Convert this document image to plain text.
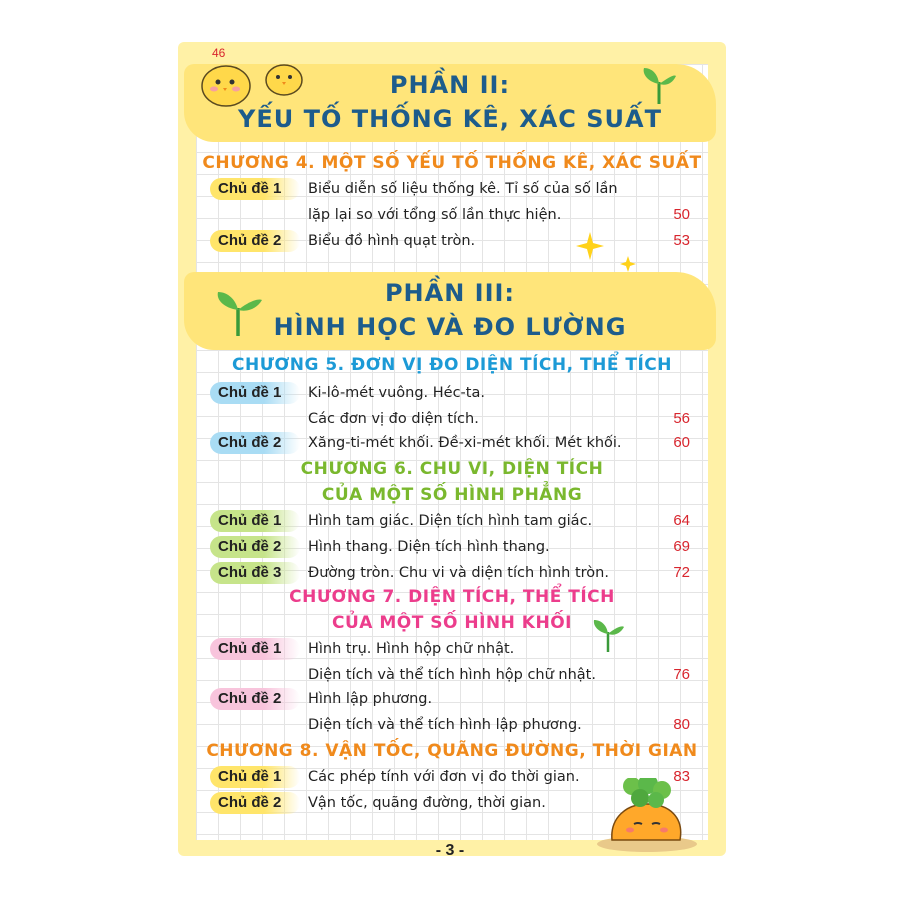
46
PHẦN II:
YẾU TỐ THỐNG KÊ, XÁC SUẤT
CHƯƠNG 4. MỘT SỐ YẾU TỐ THỐNG KÊ, XÁC SUẤT
Chủ đề 1	Biểu diễn số liệu thống kê. Tỉ số của số lần
lặp lại so với tổng số lần thực hiện.	50
Chủ đề 2	Biểu đồ hình quạt tròn.	53
PHẦN III:
HÌNH HỌC VÀ ĐO LƯỜNG
CHƯƠNG 5. ĐƠN VỊ ĐO DIỆN TÍCH, THỂ TÍCH
Chủ đề 1	Ki-lô-mét vuông. Héc-ta.
Các đơn vị đo diện tích.	56
Chủ đề 2	Xăng-ti-mét khối. Đề-xi-mét khối. Mét khối.	60
CHƯƠNG 6. CHU VI, DIỆN TÍCH
CỦA MỘT SỐ HÌNH PHẲNG
Chủ đề 1	Hình tam giác. Diện tích hình tam giác.	64
Chủ đề 2	Hình thang. Diện tích hình thang.	69
Chủ đề 3	Đường tròn. Chu vi và diện tích hình tròn.	72
CHƯƠNG 7. DIỆN TÍCH, THỂ TÍCH
CỦA MỘT SỐ HÌNH KHỐI
Chủ đề 1	Hình trụ. Hình hộp chữ nhật.
Diện tích và thể tích hình hộp chữ nhật.	76
Chủ đề 2	Hình lập phương.
Diện tích và thể tích hình lập phương.	80
CHƯƠNG 8. VẬN TỐC, QUÃNG ĐƯỜNG, THỜI GIAN
Chủ đề 1	Các phép tính với đơn vị đo thời gian.	83
Chủ đề 2	Vận tốc, quãng đường, thời gian.
- 3 -
